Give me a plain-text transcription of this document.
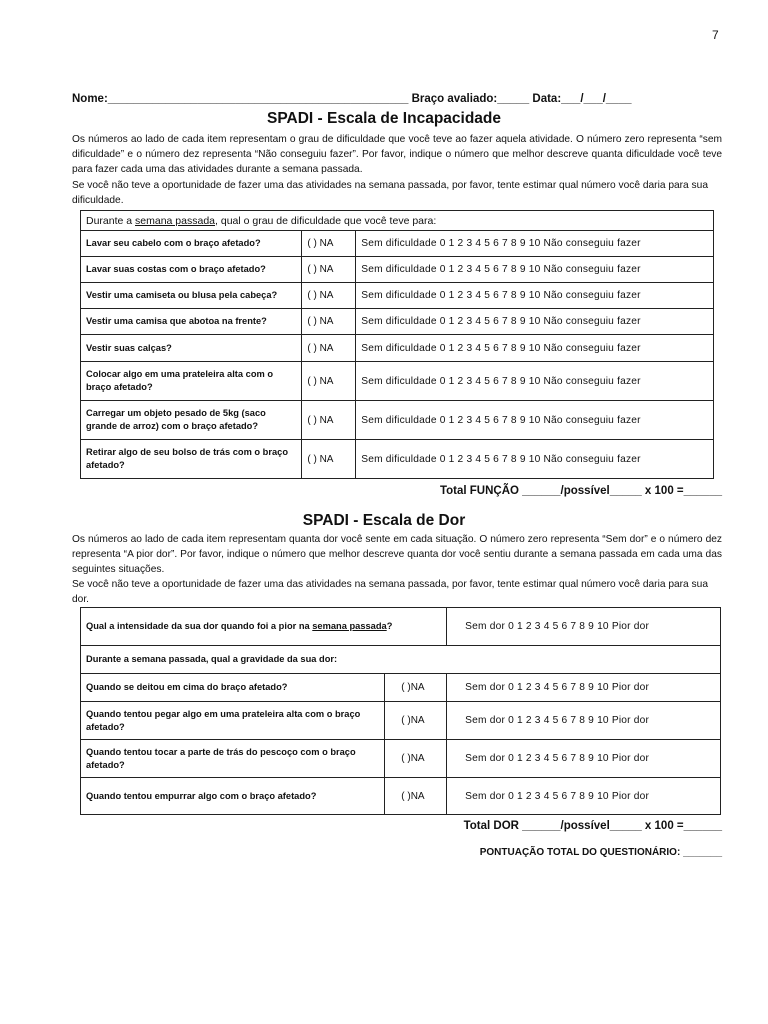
7
Nome:_______________________________________________ Braço avaliado:_____ Data:___/___/____
SPADI - Escala de Incapacidade
Os números ao lado de cada item representam o grau de dificuldade que você teve ao fazer aquela atividade. O número zero representa “sem dificuldade” e o número dez representa “Não conseguiu fazer”. Por favor, indique o número que melhor descreve quanta dificuldade você teve para fazer cada uma das atividades durante a semana passada.
Se você não teve a oportunidade de fazer uma das atividades na semana passada, por favor, tente estimar qual número você daria para sua dificuldade.
Durante a semana passada, qual o grau de dificuldade que você teve para:		
Lavar seu cabelo com o braço afetado?	( ) NA	Sem dificuldade 0 1 2 3 4 5 6 7 8 9 10 Não conseguiu fazer
Lavar suas costas com o braço afetado?	( ) NA	Sem dificuldade 0 1 2 3 4 5 6 7 8 9 10 Não conseguiu fazer
Vestir uma camiseta ou blusa pela cabeça?	( ) NA	Sem dificuldade 0 1 2 3 4 5 6 7 8 9 10 Não conseguiu fazer
Vestir uma camisa que abotoa na frente?	( ) NA	Sem dificuldade 0 1 2 3 4 5 6 7 8 9 10 Não conseguiu fazer
Vestir suas calças?	( ) NA	Sem dificuldade 0 1 2 3 4 5 6 7 8 9 10 Não conseguiu fazer
Colocar algo em uma prateleira alta com o braço afetado?	( ) NA	Sem dificuldade 0 1 2 3 4 5 6 7 8 9 10 Não conseguiu fazer
Carregar um objeto pesado de 5kg (saco grande de arroz) com o braço afetado?	( ) NA	Sem dificuldade 0 1 2 3 4 5 6 7 8 9 10 Não conseguiu fazer
Retirar algo de seu bolso de trás com o braço afetado?	( ) NA	Sem dificuldade 0 1 2 3 4 5 6 7 8 9 10 Não conseguiu fazer
Total FUNÇÃO ______/possível_____ x 100 =______
SPADI - Escala de Dor
Os números ao lado de cada item representam quanta dor você sente em cada situação. O número zero representa “Sem dor” e o número dez representa “A pior dor”. Por favor, indique o número que melhor descreve quanta dor você sentiu durante a semana passada em cada uma das seguintes situações.
Se você não teve a oportunidade de fazer uma das atividades na semana passada, por favor, tente estimar qual número você daria para sua dor.
Qual a intensidade da sua dor quando foi a pior na semana passada?		Sem dor 0 1 2 3 4 5 6 7 8 9 10 Pior dor
Durante a semana passada, qual a gravidade da sua dor:		
Quando se deitou em cima do braço afetado?	( )NA	Sem dor 0 1 2 3 4 5 6 7 8 9 10 Pior dor
Quando tentou pegar algo em uma prateleira alta com o braço afetado?	( )NA	Sem dor 0 1 2 3 4 5 6 7 8 9 10 Pior dor
Quando tentou tocar a parte de trás do pescoço com o braço afetado?	( )NA	Sem dor 0 1 2 3 4 5 6 7 8 9 10 Pior dor
Quando tentou empurrar algo com o braço afetado?	( )NA	Sem dor 0 1 2 3 4 5 6 7 8 9 10 Pior dor
Total DOR ______/possível_____ x 100 =______
PONTUAÇÃO TOTAL DO QUESTIONÁRIO: _______
